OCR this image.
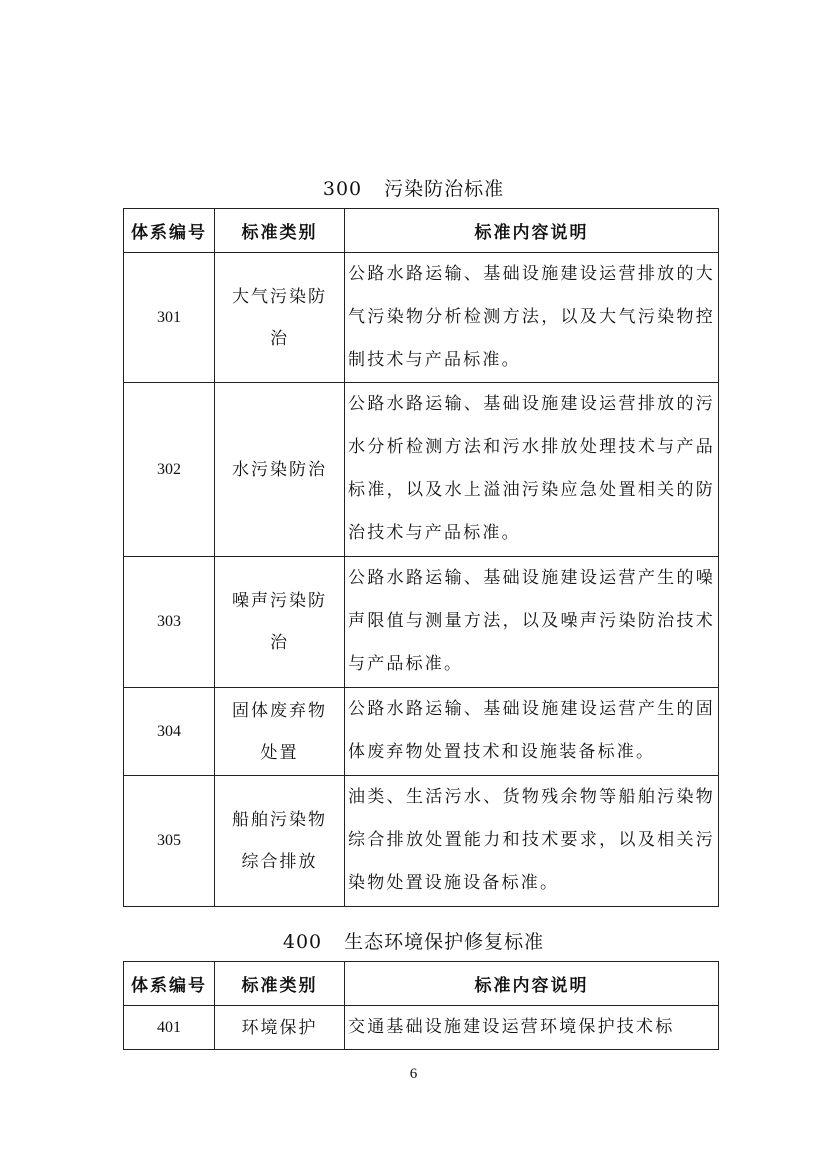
300 污染防治标准
体系编号	标准类别	标准内容说明
301	大气污染防治	公路水路运输、基础设施建设运营排放的大气污染物分析检测方法，以及大气污染物控制技术与产品标准。
302	水污染防治	公路水路运输、基础设施建设运营排放的污水分析检测方法和污水排放处理技术与产品标准，以及水上溢油污染应急处置相关的防治技术与产品标准。
303	噪声污染防治	公路水路运输、基础设施建设运营产生的噪声限值与测量方法，以及噪声污染防治技术与产品标准。
304	固体废弃物处置	公路水路运输、基础设施建设运营产生的固体废弃物处置技术和设施装备标准。
305	船舶污染物综合排放	油类、生活污水、货物残余物等船舶污染物综合排放处置能力和技术要求，以及相关污染物处置设施设备标准。
400 生态环境保护修复标准
体系编号	标准类别	标准内容说明
401	环境保护	交通基础设施建设运营环境保护技术标
6
